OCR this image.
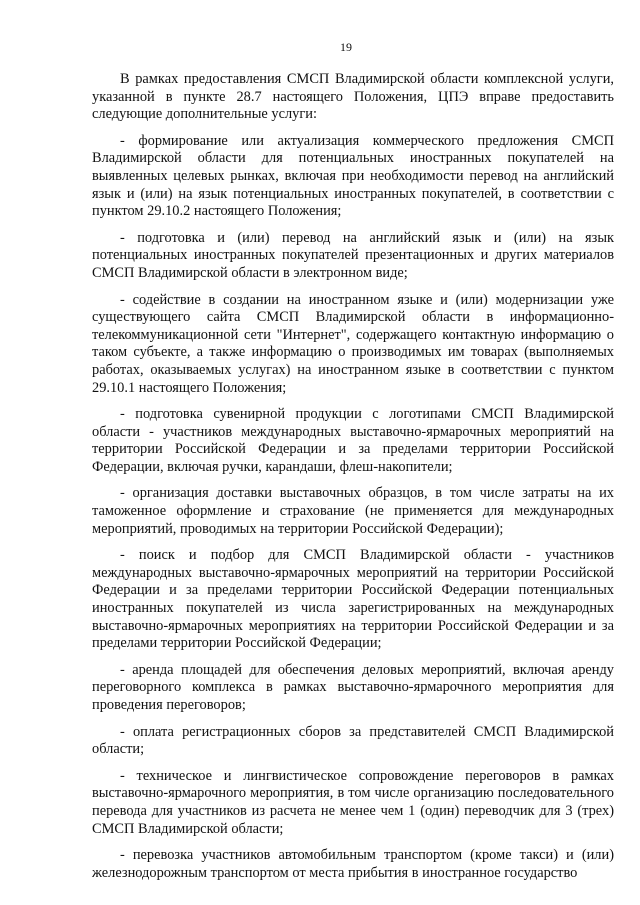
19

В рамках предоставления СМСП Владимирской области комплексной услуги, указанной в пункте 28.7 настоящего Положения, ЦПЭ вправе предоставить следующие дополнительные услуги:

- формирование или актуализация коммерческого предложения СМСП Владимирской области для потенциальных иностранных покупателей на выявленных целевых рынках, включая при необходимости перевод на английский язык и (или) на язык потенциальных иностранных покупателей, в соответствии с пунктом 29.10.2 настоящего Положения;

- подготовка и (или) перевод на английский язык и (или) на язык потенциальных иностранных покупателей презентационных и других материалов СМСП Владимирской области в электронном виде;

- содействие в создании на иностранном языке и (или) модернизации уже существующего сайта СМСП Владимирской области в информационно-телекоммуникационной сети "Интернет", содержащего контактную информацию о таком субъекте, а также информацию о производимых им товарах (выполняемых работах, оказываемых услугах) на иностранном языке в соответствии с пунктом 29.10.1 настоящего Положения;

- подготовка сувенирной продукции с логотипами СМСП Владимирской области - участников международных выставочно-ярмарочных мероприятий на территории Российской Федерации и за пределами территории Российской Федерации, включая ручки, карандаши, флеш-накопители;

- организация доставки выставочных образцов, в том числе затраты на их таможенное оформление и страхование (не применяется для международных мероприятий, проводимых на территории Российской Федерации);

- поиск и подбор для СМСП Владимирской области - участников международных выставочно-ярмарочных мероприятий на территории Российской Федерации и за пределами территории Российской Федерации потенциальных иностранных покупателей из числа зарегистрированных на международных выставочно-ярмарочных мероприятиях на территории Российской Федерации и за пределами территории Российской Федерации;

- аренда площадей для обеспечения деловых мероприятий, включая аренду переговорного комплекса в рамках выставочно-ярмарочного мероприятия для проведения переговоров;

- оплата регистрационных сборов за представителей СМСП Владимирской области;

- техническое и лингвистическое сопровождение переговоров в рамках выставочно-ярмарочного мероприятия, в том числе организацию последовательного перевода для участников из расчета не менее чем 1 (один) переводчик для 3 (трех) СМСП Владимирской области;

- перевозка участников автомобильным транспортом (кроме такси) и (или) железнодорожным транспортом от места прибытия в иностранное государство
